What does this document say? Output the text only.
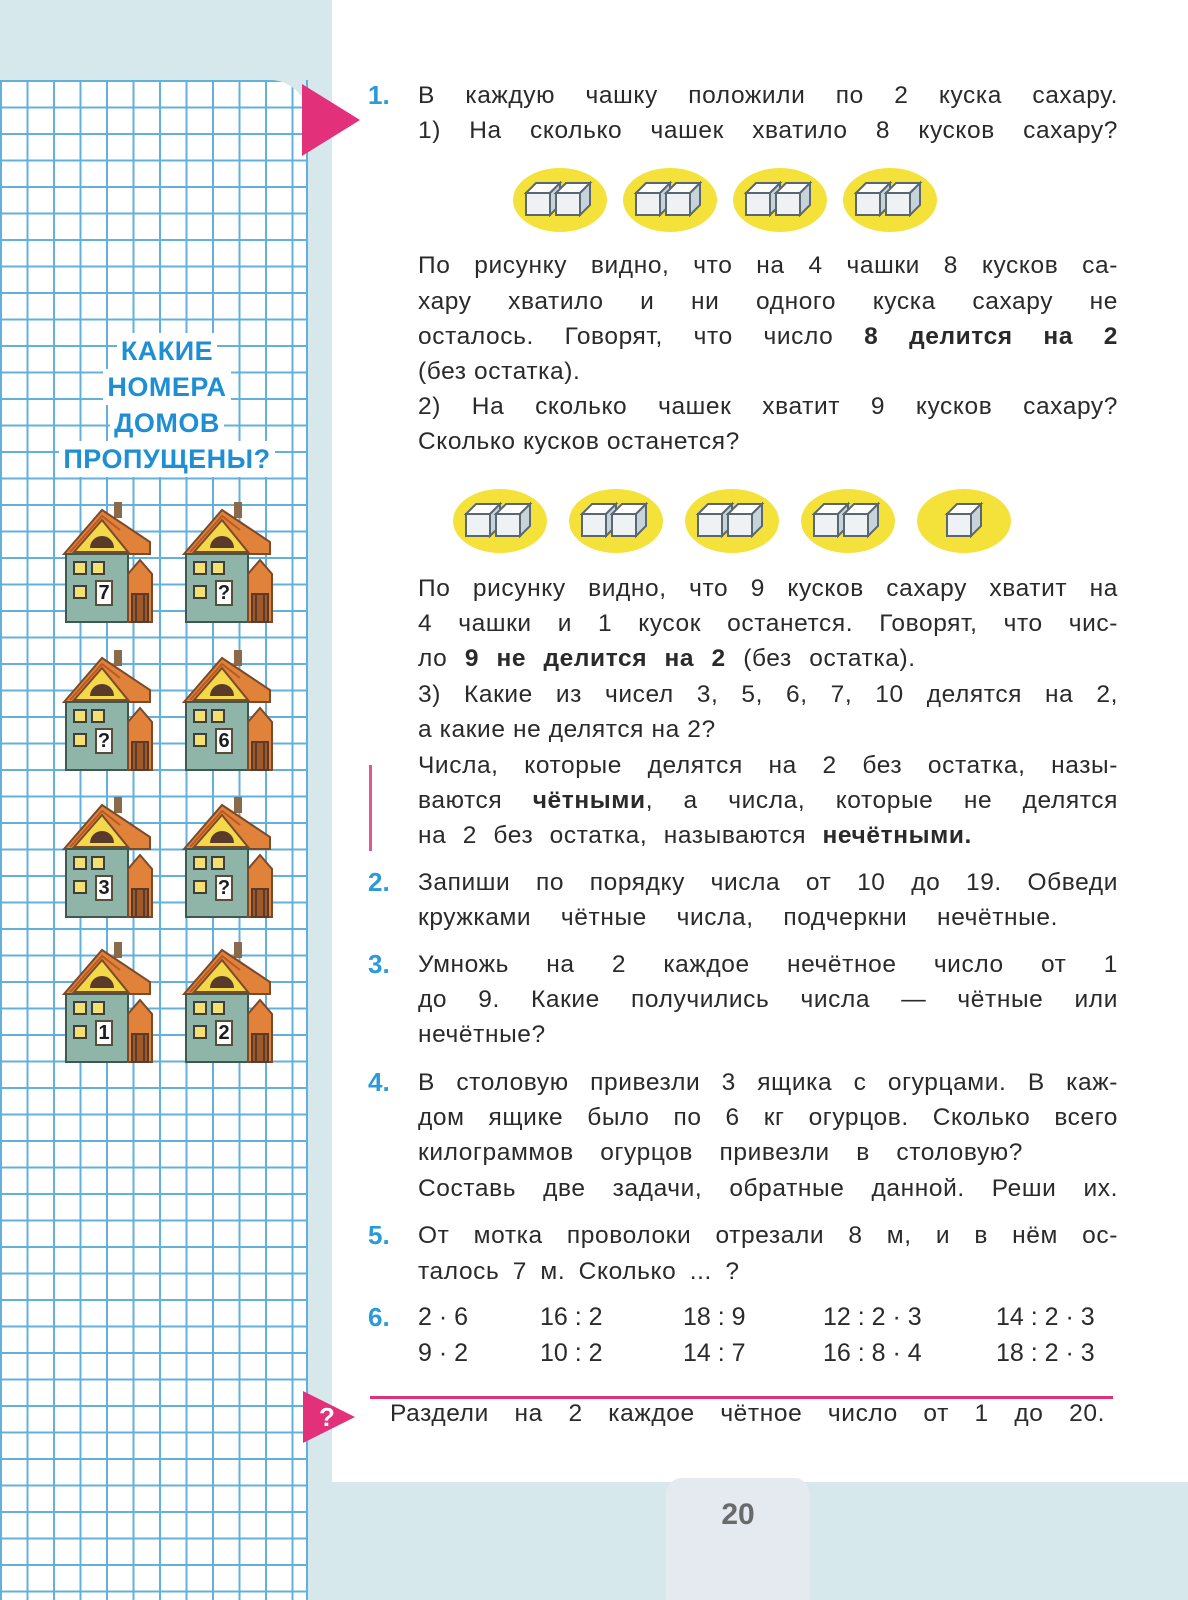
КАКИЕ
НОМЕРА
ДОМОВ
ПРОПУЩЕНЫ?
7	?
?	6
3	?
1	2
1. В каждую чашку положили по 2 куска сахару.
1) На сколько чашек хватило 8 кусков сахару?
По рисунку видно, что на 4 чашки 8 кусков са-
хару хватило и ни одного куска сахару не
осталось. Говорят, что число 8 делится на 2
(без остатка).
2) На сколько чашек хватит 9 кусков сахару?
Сколько кусков останется?
По рисунку видно, что 9 кусков сахару хватит на
4 чашки и 1 кусок останется. Говорят, что чис-
ло 9 не делится на 2 (без остатка).
3) Какие из чисел 3, 5, 6, 7, 10 делятся на 2,
а какие не делятся на 2?
Числа, которые делятся на 2 без остатка, назы-
ваются чётными, а числа, которые не делятся
на 2 без остатка, называются нечётными.
2. Запиши по порядку числа от 10 до 19. Обведи
кружками чётные числа, подчеркни нечётные.
3. Умножь на 2 каждое нечётное число от 1
до 9. Какие получились числа — чётные или
нечётные?
4. В столовую привезли 3 ящика с огурцами. В каж-
дом ящике было по 6 кг огурцов. Сколько всего
килограммов огурцов привезли в столовую?
Составь две задачи, обратные данной. Реши их.
5. От мотка проволоки отрезали 8 м, и в нём ос-
талось 7 м. Сколько ... ?
6. 2 · 6	16 : 2	18 : 9	12 : 2 · 3	14 : 2 · 3
9 · 2	10 : 2	14 : 7	16 : 8 · 4	18 : 2 · 3
? Раздели на 2 каждое чётное число от 1 до 20.
20
